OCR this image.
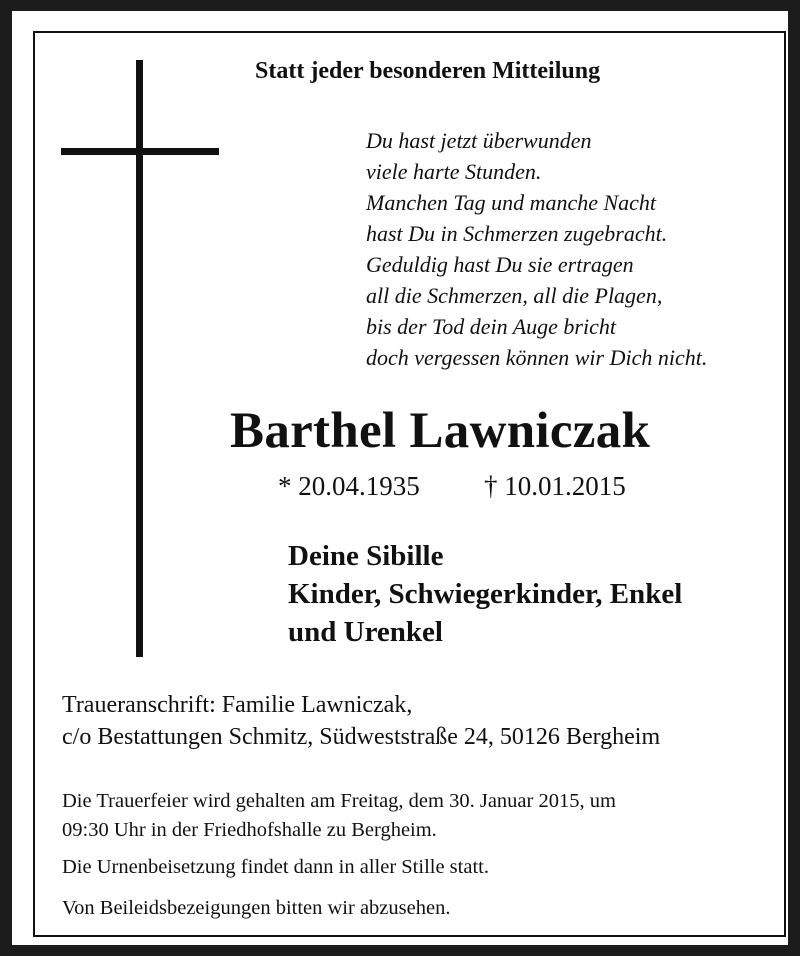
Statt jeder besonderen Mitteilung
Du hast jetzt überwunden
viele harte Stunden.
Manchen Tag und manche Nacht
hast Du in Schmerzen zugebracht.
Geduldig hast Du sie ertragen
all die Schmerzen, all die Plagen,
bis der Tod dein Auge bricht
doch vergessen können wir Dich nicht.
Barthel Lawniczak
* 20.04.1935 † 10.01.2015
Deine Sibille
Kinder, Schwiegerkinder, Enkel
und Urenkel
Traueranschrift: Familie Lawniczak,
c/o Bestattungen Schmitz, Südweststraße 24, 50126 Bergheim
Die Trauerfeier wird gehalten am Freitag, dem 30. Januar 2015, um
09:30 Uhr in der Friedhofshalle zu Bergheim.
Die Urnenbeisetzung findet dann in aller Stille statt.
Von Beileidsbezeigungen bitten wir abzusehen.
